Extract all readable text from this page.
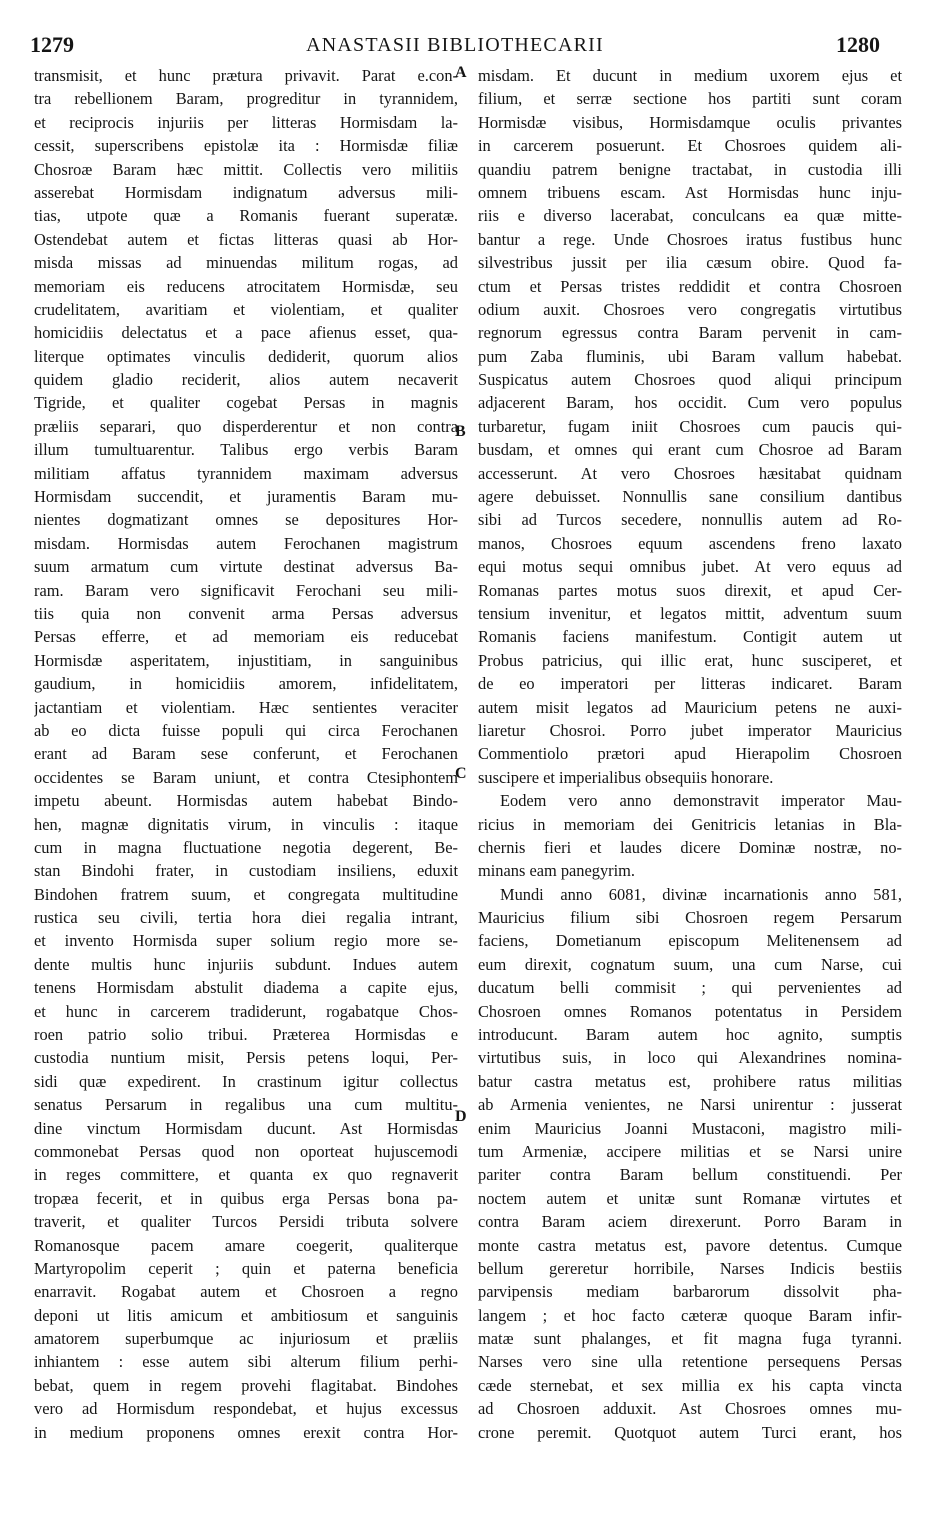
1279	ANASTASII BIBLIOTHECARII	1280
transmisit, et hunc prætura privavit. Parat e.con-
tra rebellionem Baram, progreditur in tyrannidem,
et reciprocis injuriis per litteras Hormisdam la-
cessit, superscribens epistolæ ita : Hormisdæ filiæ
Chosroæ Baram hæc mittit. Collectis vero militiis
asserebat Hormisdam indignatum adversus mili-
tias, utpote quæ a Romanis fuerant superatæ.
Ostendebat autem et fictas litteras quasi ab Hor-
misda missas ad minuendas militum rogas, ad
memoriam eis reducens atrocitatem Hormisdæ, seu
crudelitatem, avaritiam et violentiam, et qualiter
homicidiis delectatus et a pace afienus esset, qua-
literque optimates vinculis dediderit, quorum alios
quidem gladio reciderit, alios autem necaverit
Tigride, et qualiter cogebat Persas in magnis
præliis separari, quo disperderentur et non contra
illum tumultuarentur. Talibus ergo verbis Baram
militiam affatus tyrannidem maximam adversus
Hormisdam succendit, et juramentis Baram mu-
nientes dogmatizant omnes se depositures Hor-
misdam. Hormisdas autem Ferochanen magistrum
suum armatum cum virtute destinat adversus Ba-
ram. Baram vero significavit Ferochani seu mili-
tiis quia non convenit arma Persas adversus
Persas efferre, et ad memoriam eis reducebat
Hormisdæ asperitatem, injustitiam, in sanguinibus
gaudium, in homicidiis amorem, infidelitatem,
jactantiam et violentiam. Hæc sentientes veraciter
ab eo dicta fuisse populi qui circa Ferochanen
erant ad Baram sese conferunt, et Ferochanen
occidentes se Baram uniunt, et contra Ctesiphontem
impetu abeunt. Hormisdas autem habebat Bindo-
hen, magnæ dignitatis virum, in vinculis : itaque
cum in magna fluctuatione negotia degerent, Be-
stan Bindohi frater, in custodiam insiliens, eduxit
Bindohen fratrem suum, et congregata multitudine
rustica seu civili, tertia hora diei regalia intrant,
et invento Hormisda super solium regio more se-
dente multis hunc injuriis subdunt. Indues autem
tenens Hormisdam abstulit diadema a capite ejus,
et hunc in carcerem tradiderunt, rogabatque Chos-
roen patrio solio tribui. Præterea Hormisdas e
custodia nuntium misit, Persis petens loqui, Per-
sidi quæ expedirent. In crastinum igitur collectus
senatus Persarum in regalibus una cum multitu-
dine vinctum Hormisdam ducunt. Ast Hormisdas
commonebat Persas quod non oporteat hujuscemodi
in reges committere, et quanta ex quo regnaverit
tropæa fecerit, et in quibus erga Persas bona pa-
traverit, et qualiter Turcos Persidi tributa solvere
Romanosque pacem amare coegerit, qualiterque
Martyropolim ceperit ; quin et paterna beneficia
enarravit. Rogabat autem et Chosroen a regno
deponi ut litis amicum et ambitiosum et sanguinis
amatorem superbumque ac injuriosum et præliis
inhiantem : esse autem sibi alterum filium perhi-
bebat, quem in regem provehi flagitabat. Bindohes
vero ad Hormisdum respondebat, et hujus excessus
in medium proponens omnes erexit contra Hor-
misdam. Et ducunt in medium uxorem ejus et
filium, et serræ sectione hos partiti sunt coram
Hormisdæ visibus, Hormisdamque oculis privantes
in carcerem posuerunt. Et Chosroes quidem ali-
quandiu patrem benigne tractabat, in custodia illi
omnem tribuens escam. Ast Hormisdas hunc inju-
riis e diverso lacerabat, conculcans ea quæ mitte-
bantur a rege. Unde Chosroes iratus fustibus hunc
silvestribus jussit per ilia cæsum obire. Quod fa-
ctum et Persas tristes reddidit et contra Chosroen
odium auxit. Chosroes vero congregatis virtutibus
regnorum egressus contra Baram pervenit in cam-
pum Zaba fluminis, ubi Baram vallum habebat.
Suspicatus autem Chosroes quod aliqui principum
adjacerent Baram, hos occidit. Cum vero populus
turbaretur, fugam iniit Chosroes cum paucis qui-
busdam, et omnes qui erant cum Chosroe ad Baram
accesserunt. At vero Chosroes hæsitabat quidnam
agere debuisset. Nonnullis sane consilium dantibus
sibi ad Turcos secedere, nonnullis autem ad Ro-
manos, Chosroes equum ascendens freno laxato
equi motus sequi omnibus jubet. At vero equus ad
Romanas partes motus suos direxit, et apud Cer-
tensium invenitur, et legatos mittit, adventum suum
Romanis faciens manifestum. Contigit autem ut
Probus patricius, qui illic erat, hunc susciperet, et
de eo imperatori per litteras indicaret. Baram
autem misit legatos ad Mauricium petens ne auxi-
liaretur Chosroi. Porro jubet imperator Mauricius
Commentiolo prætori apud Hierapolim Chosroen
suscipere et imperialibus obsequiis honorare.
Eodem vero anno demonstravit imperator Mau-
ricius in memoriam dei Genitricis letanias in Bla-
chernis fieri et laudes dicere Dominæ nostræ, no-
minans eam panegyrim.
Mundi anno 6081, divinæ incarnationis anno 581,
Mauricius filium sibi Chosroen regem Persarum
faciens, Dometianum episcopum Melitenensem ad
eum direxit, cognatum suum, una cum Narse, cui
ducatum belli commisit ; qui pervenientes ad
Chosroen omnes Romanos potentatus in Persidem
introducunt. Baram autem hoc agnito, sumptis
virtutibus suis, in loco qui Alexandrines nomina-
batur castra metatus est, prohibere ratus militias
ab Armenia venientes, ne Narsi unirentur : jusserat
enim Mauricius Joanni Mustaconi, magistro mili-
tum Armeniæ, accipere militias et se Narsi unire
pariter contra Baram bellum constituendi. Per
noctem autem et unitæ sunt Romanæ virtutes et
contra Baram aciem direxerunt. Porro Baram in
monte castra metatus est, pavore detentus. Cumque
bellum gereretur horribile, Narses Indicis bestiis
parvipensis mediam barbarorum dissolvit pha-
langem ; et hoc facto cæteræ quoque Baram infir-
matæ sunt phalanges, et fit magna fuga tyranni.
Narses vero sine ulla retentione persequens Persas
cæde sternebat, et sex millia ex his capta vincta
ad Chosroen adduxit. Ast Chosroes omnes mu-
crone peremit. Quotquot autem Turci erant, hos
A
B
C
D
